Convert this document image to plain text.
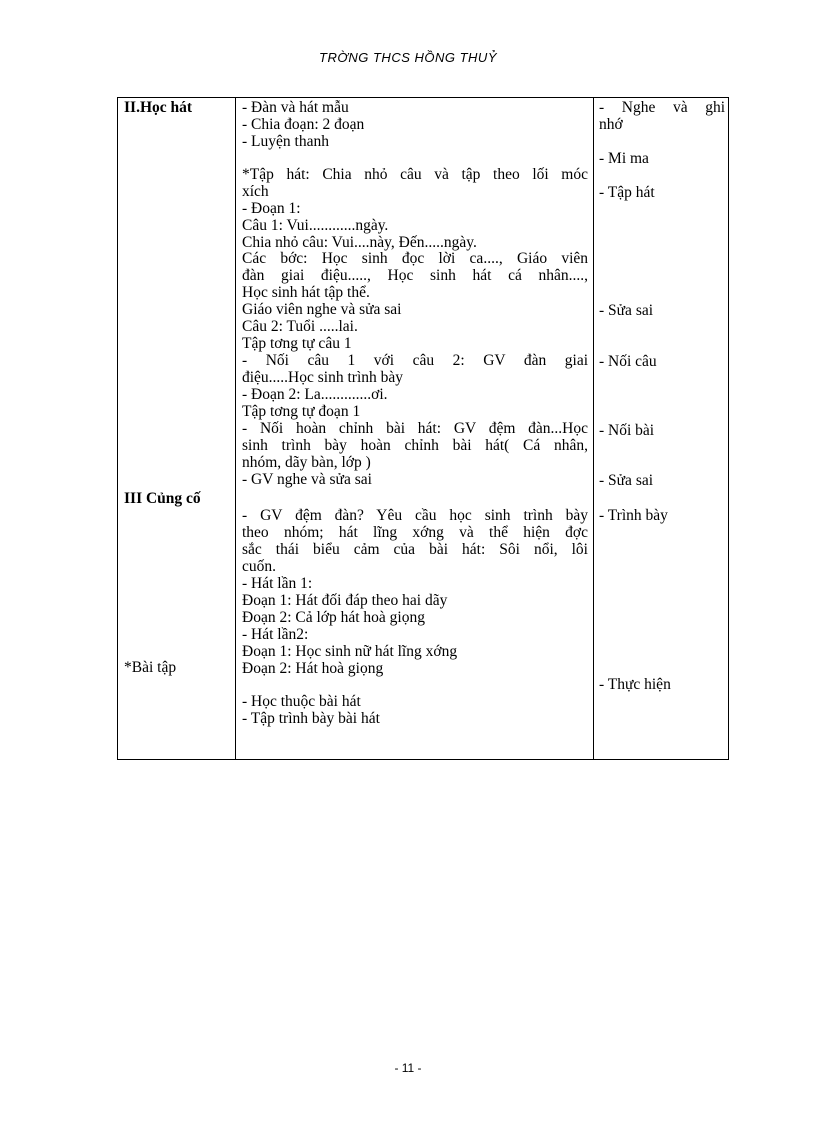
TRỜNG THCS HỒNG THUỶ
II.Học hát
III Củng cố
*Bài tập
- Đàn và hát mẫu
- Chia đoạn: 2 đoạn
- Luyện thanh
*Tập hát: Chia nhỏ câu và tập theo lối móc
xích
- Đoạn 1:
Câu 1: Vui............ngày.
Chia nhỏ câu: Vui....này, Đến.....ngày.
Các bớc: Học sinh đọc lời ca...., Giáo viên
đàn giai điệu....., Học sinh hát cá nhân....,
Học sinh hát tập thể.
Giáo viên nghe và sửa sai
Câu 2: Tuổi .....lai.
Tập tơng tự câu 1
- Nối câu 1 với câu 2: GV đàn giai
điệu.....Học sinh trình bày
- Đoạn 2: La.............ơi.
Tập tơng tự đoạn 1
- Nối hoàn chỉnh bài hát: GV đệm đàn...Học
sinh trình bày hoàn chỉnh bài hát( Cá nhân,
nhóm, dãy bàn, lớp )
- GV nghe và sửa sai
- GV đệm đàn? Yêu cầu học sinh trình bày
theo nhóm; hát lĩng xớng và thể hiện đợc
sắc thái biểu cảm của bài hát: Sôi nổi, lôi
cuốn.
- Hát lần 1:
Đoạn 1: Hát đối đáp theo hai dãy
Đoạn 2: Cả lớp hát hoà giọng
- Hát lần2:
Đoạn 1: Học sinh nữ hát lĩng xớng
Đoạn 2: Hát hoà giọng
- Học thuộc bài hát
- Tập trình bày bài hát
- Nghe và ghi
nhớ
- Mi ma
- Tập hát
- Sửa sai
- Nối câu
- Nối bài
- Sửa sai
- Trình bày
- Thực hiện
- 11 -
